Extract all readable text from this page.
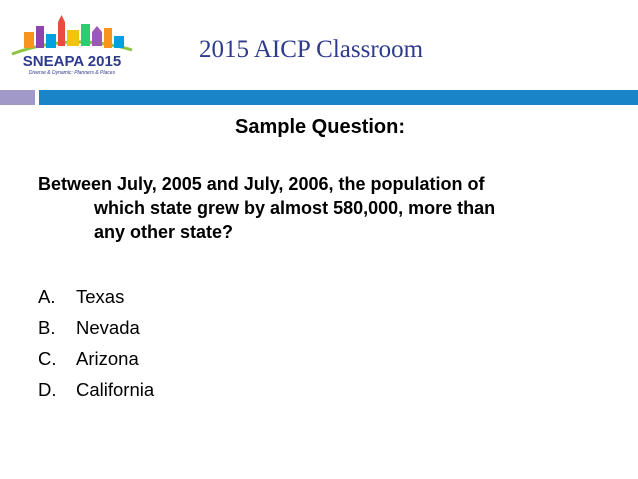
SNEAPA 2015
Diverse & Dynamic: Planners & Places
2015 AICP Classroom
Sample Question:
Between July, 2005 and July, 2006, the population of
which state grew by almost 580,000, more than
any other state?
A. Texas
B. Nevada
C. Arizona
D. California
